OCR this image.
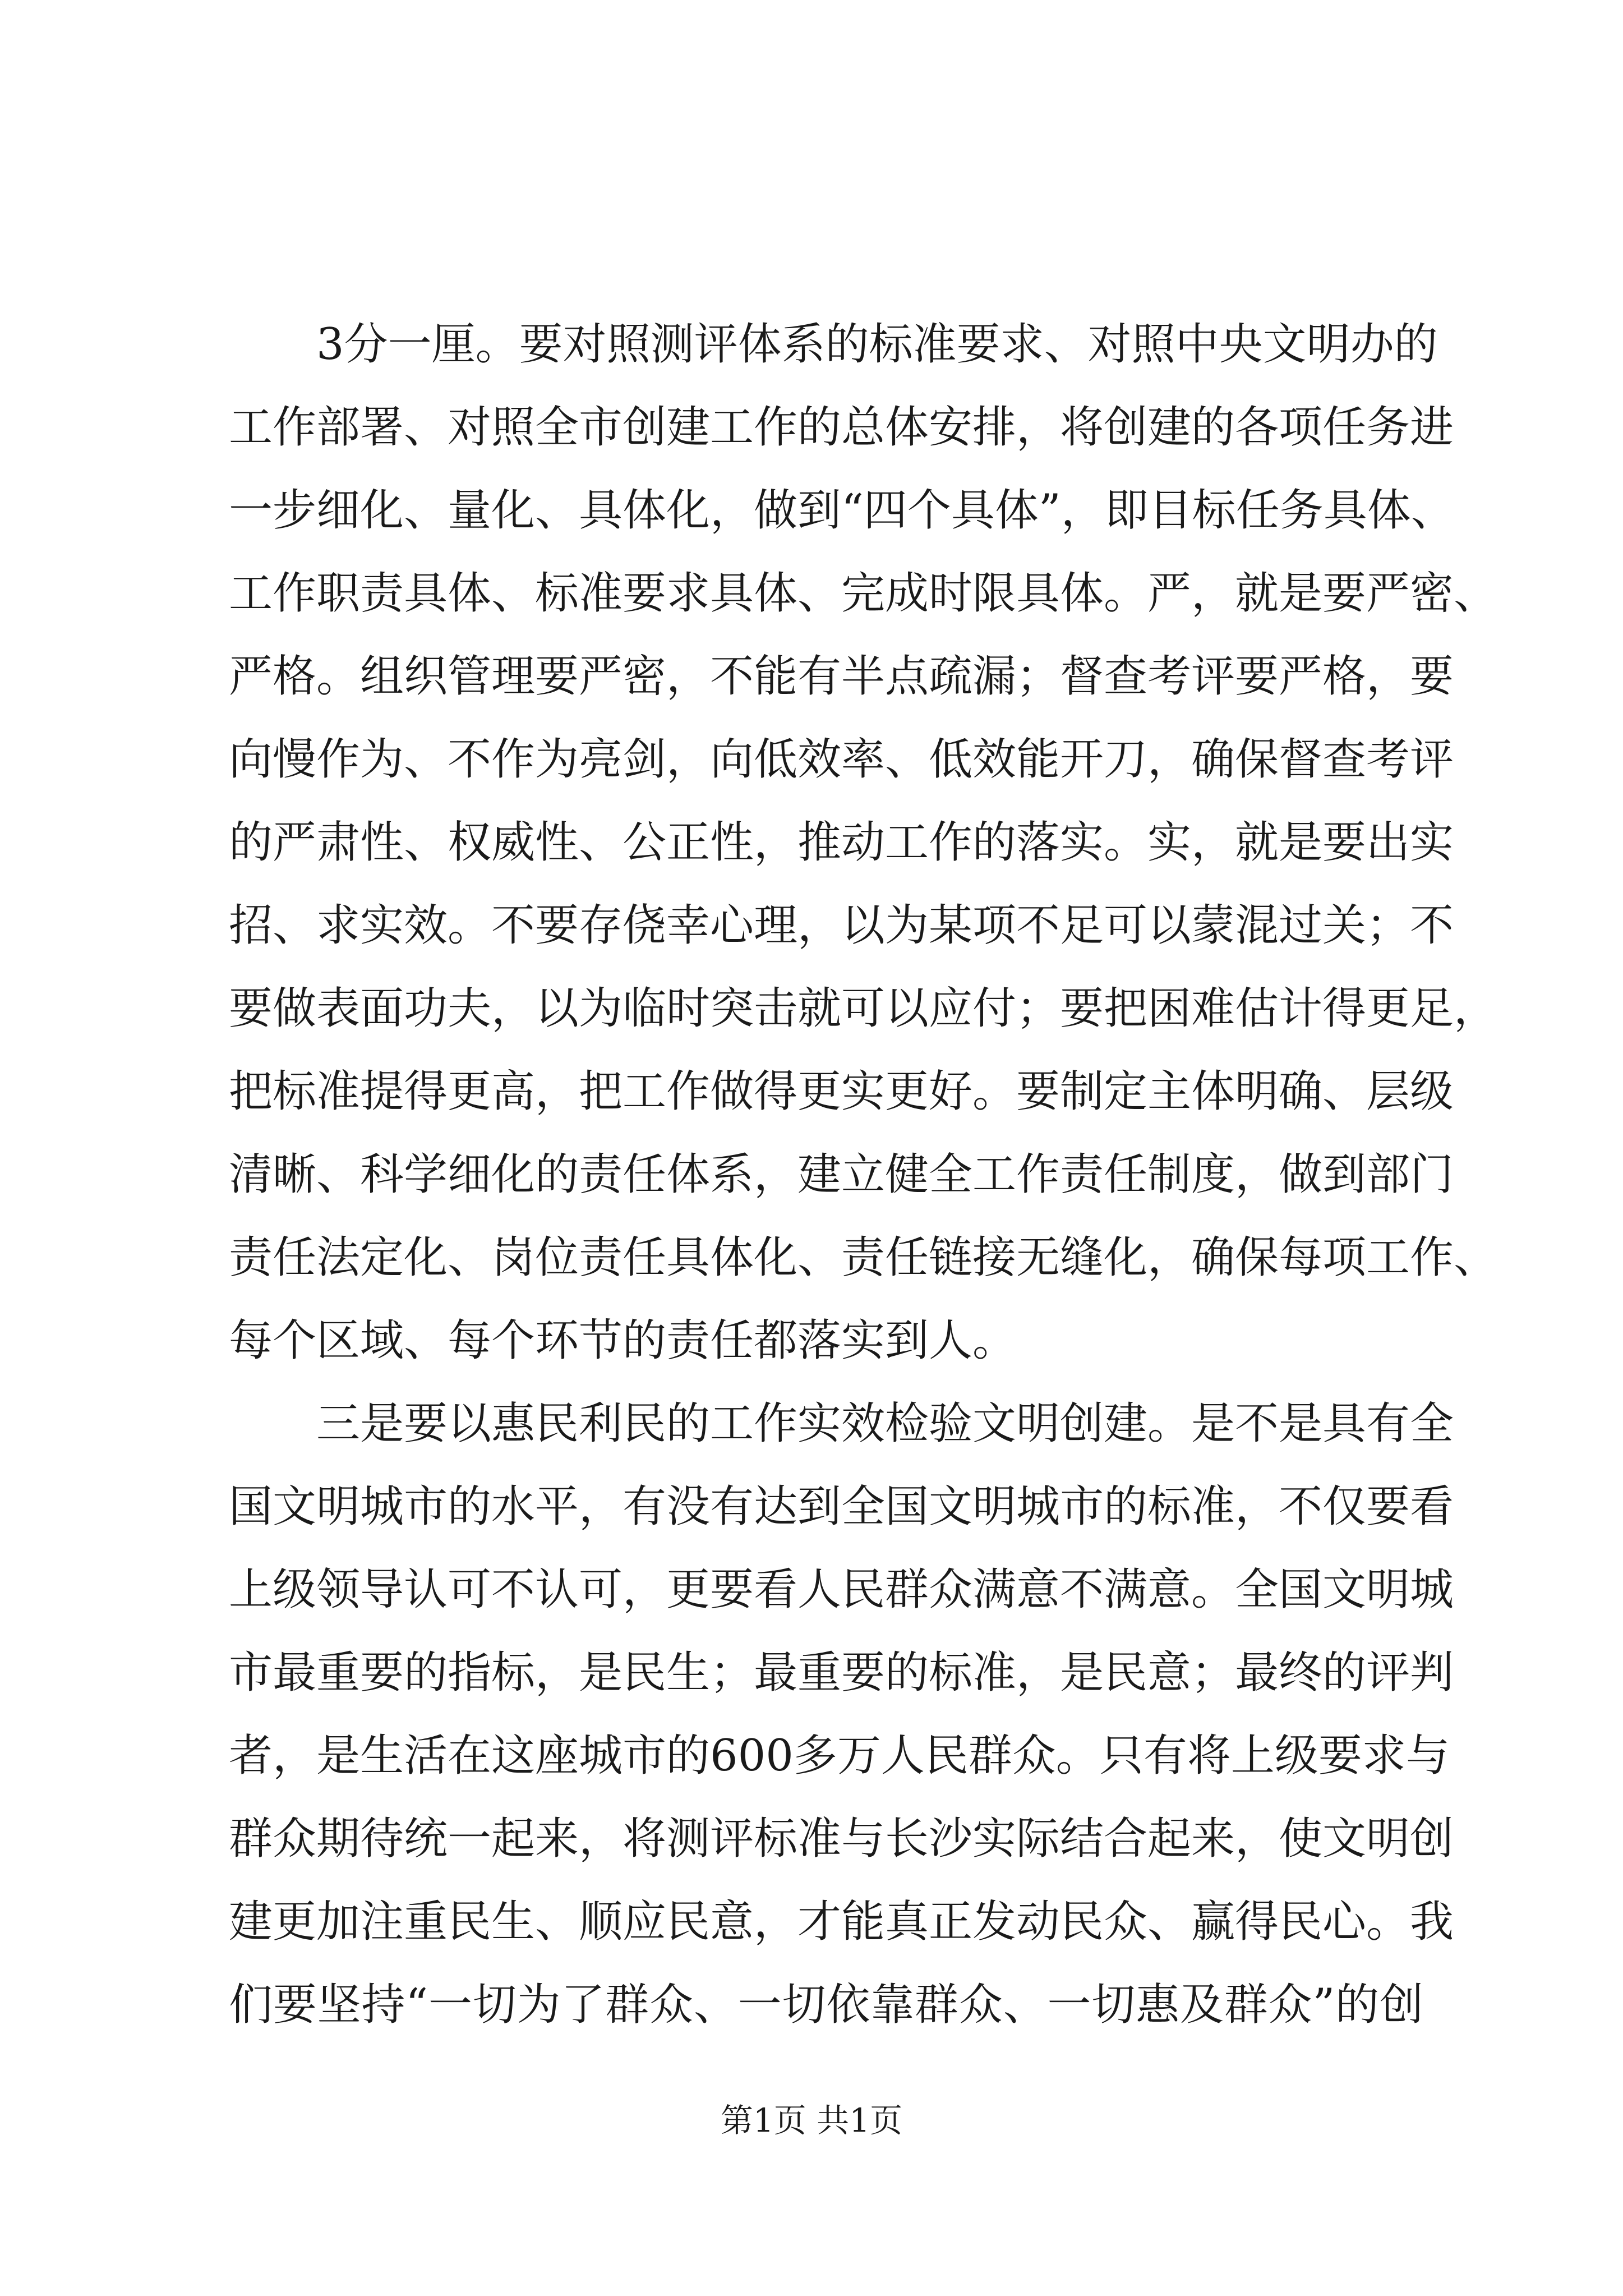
　　3分一厘。要对照测评体系的标准要求、对照中央文明办的
工作部署、对照全市创建工作的总体安排，将创建的各项任务进
一步细化、量化、具体化，做到“四个具体”，即目标任务具体、
工作职责具体、标准要求具体、完成时限具体。严，就是要严密、
严格。组织管理要严密，不能有半点疏漏；督查考评要严格，要
向慢作为、不作为亮剑，向低效率、低效能开刀，确保督查考评
的严肃性、权威性、公正性，推动工作的落实。实，就是要出实
招、求实效。不要存侥幸心理，以为某项不足可以蒙混过关；不
要做表面功夫，以为临时突击就可以应付；要把困难估计得更足，
把标准提得更高，把工作做得更实更好。要制定主体明确、层级
清晰、科学细化的责任体系，建立健全工作责任制度，做到部门
责任法定化、岗位责任具体化、责任链接无缝化，确保每项工作、
每个区域、每个环节的责任都落实到人。
　　三是要以惠民利民的工作实效检验文明创建。是不是具有全
国文明城市的水平，有没有达到全国文明城市的标准，不仅要看
上级领导认可不认可，更要看人民群众满意不满意。全国文明城
市最重要的指标，是民生；最重要的标准，是民意；最终的评判
者，是生活在这座城市的600多万人民群众。只有将上级要求与
群众期待统一起来，将测评标准与长沙实际结合起来，使文明创
建更加注重民生、顺应民意，才能真正发动民众、赢得民心。我
们要坚持“一切为了群众、一切依靠群众、一切惠及群众”的创
第1页 共1页
